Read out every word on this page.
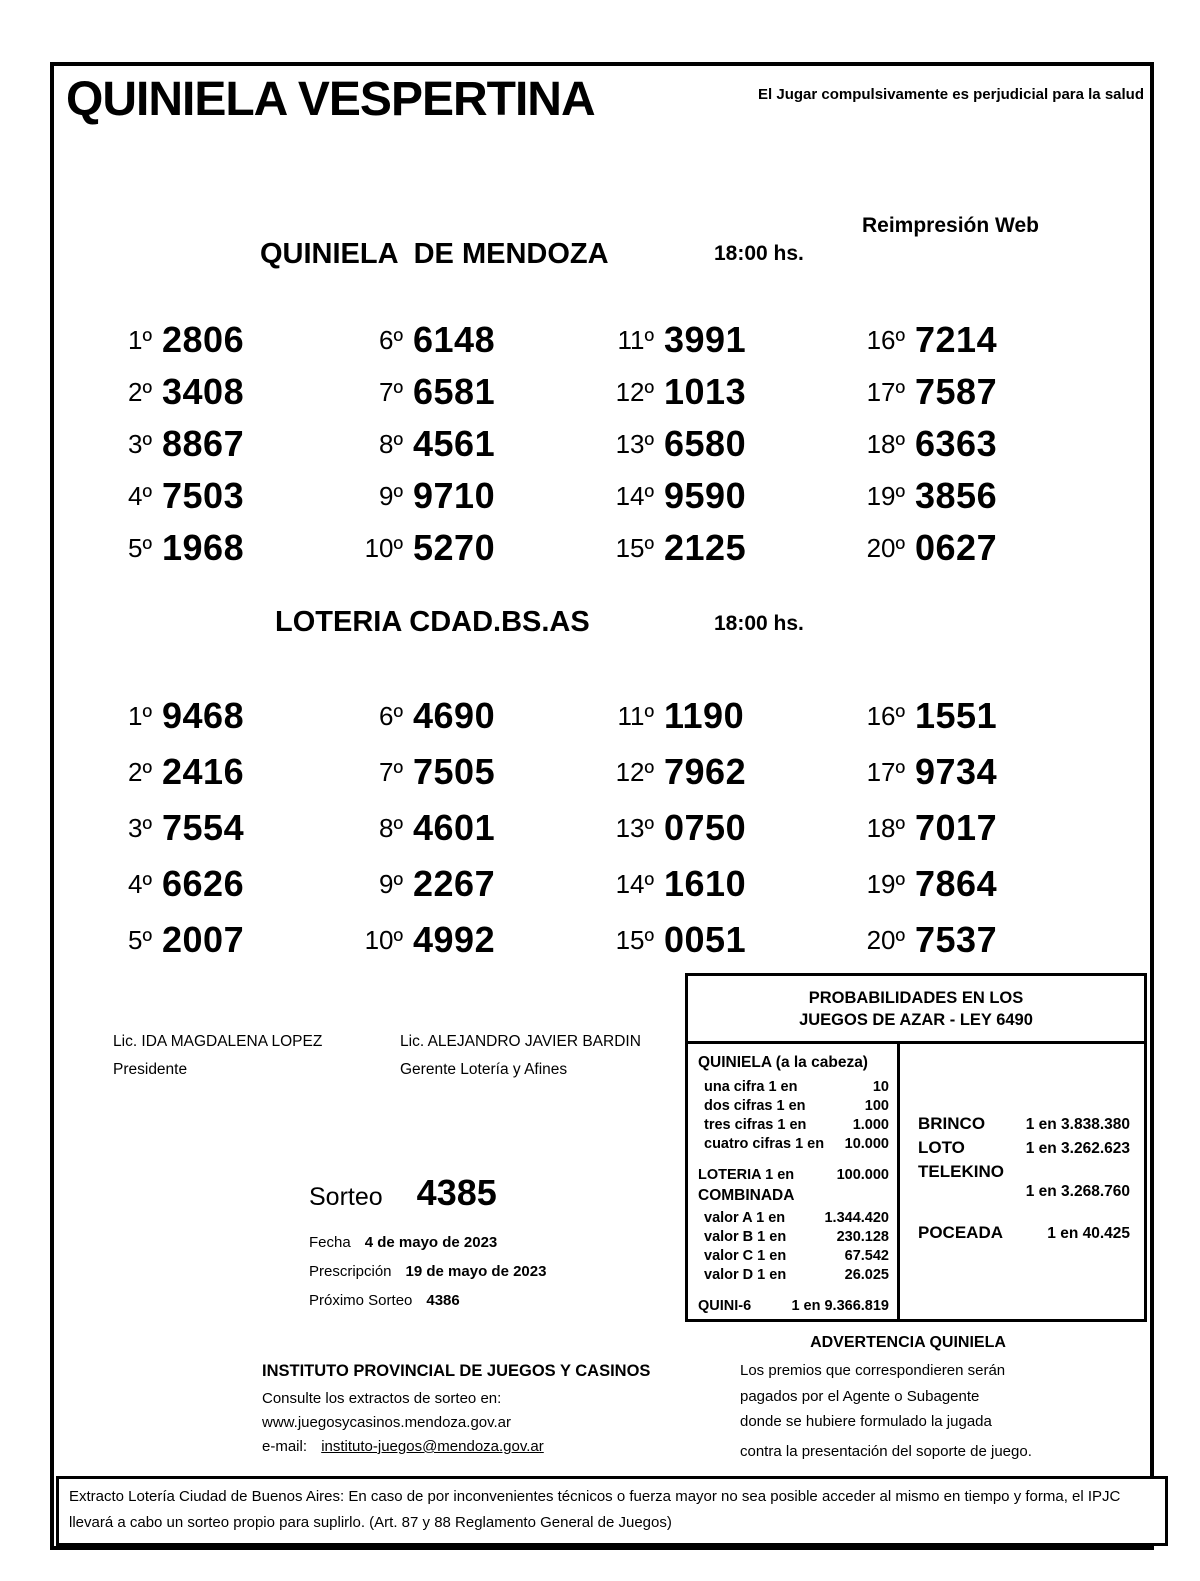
QUINIELA VESPERTINA	El Jugar compulsivamente es perjudicial para la salud
Reimpresión Web
QUINIELA  DE MENDOZA	18:00 hs.
1º 2806
2º 3408
3º 8867
4º 7503
5º 1968
6º 6148
7º 6581
8º 4561
9º 9710
10º 5270
11º 3991
12º 1013
13º 6580
14º 9590
15º 2125
16º 7214
17º 7587
18º 6363
19º 3856
20º 0627
LOTERIA CDAD.BS.AS	18:00 hs.
1º 9468
2º 2416
3º 7554
4º 6626
5º 2007
6º 4690
7º 7505
8º 4601
9º 2267
10º 4992
11º 1190
12º 7962
13º 0750
14º 1610
15º 0051
16º 1551
17º 9734
18º 7017
19º 7864
20º 7537
Lic. IDA MAGDALENA LOPEZ
Presidente
Lic. ALEJANDRO JAVIER BARDIN
Gerente Lotería y Afines
PROBABILIDADES EN LOS
JUEGOS DE AZAR - LEY 6490
QUINIELA (a la cabeza)
una cifra 1 en	10
dos cifras 1 en	100
tres cifras 1 en	1.000
cuatro cifras 1 en 10.000
LOTERIA 1 en	100.000
COMBINADA
valor A 1 en	1.344.420
valor B 1 en	230.128
valor C 1 en	67.542
valor D 1 en	26.025
QUINI-6	1 en 9.366.819
BRINCO	1 en 3.838.380
LOTO	1 en 3.262.623
TELEKINO
1 en 3.268.760
POCEADA	1 en 40.425
Sorteo 4385
Fecha 4 de mayo de 2023
Prescripción 19 de mayo de 2023
Próximo Sorteo 4386
INSTITUTO PROVINCIAL DE JUEGOS Y CASINOS
Consulte los extractos de sorteo en:
www.juegosycasinos.mendoza.gov.ar
e-mail: instituto-juegos@mendoza.gov.ar
ADVERTENCIA QUINIELA
Los premios que correspondieren serán
pagados por el Agente o Subagente
donde se hubiere formulado la jugada
contra la presentación del soporte de juego.
Extracto Lotería Ciudad de Buenos Aires: En caso de por inconvenientes técnicos o fuerza mayor no sea posible acceder al mismo en tiempo y forma, el IPJC llevará a cabo un sorteo propio para suplirlo. (Art. 87 y 88 Reglamento General de Juegos)
